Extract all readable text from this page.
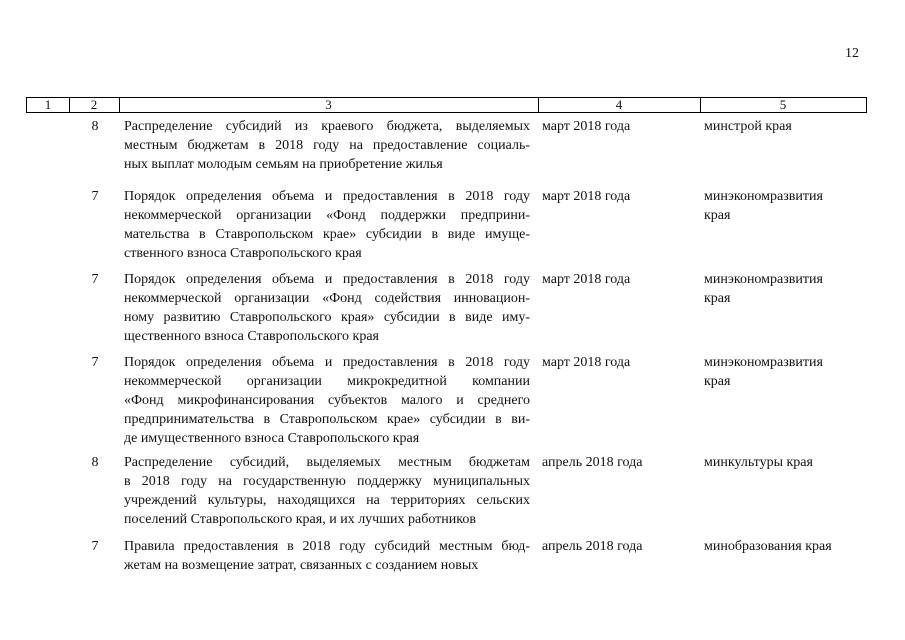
12
1	2	3	4	5
8 Распределение субсидий из краевого бюджета, выделяемых
местным бюджетам в 2018 году на предоставление социаль-
ных выплат молодым семьям на приобретение жилья
март 2018 года	минстрой края
7 Порядок определения объема и предоставления в 2018 году
некоммерческой организации «Фонд поддержки предприни-
мательства в Ставропольском крае» субсидии в виде имуще-
ственного взноса Ставропольского края
март 2018 года	минэкономразвития
края
7 Порядок определения объема и предоставления в 2018 году
некоммерческой организации «Фонд содействия инновацион-
ному развитию Ставропольского края» субсидии в виде иму-
щественного взноса Ставропольского края
март 2018 года	минэкономразвития
края
7 Порядок определения объема и предоставления в 2018 году
некоммерческой организации микрокредитной компании
«Фонд микрофинансирования субъектов малого и среднего
предпринимательства в Ставропольском крае» субсидии в ви-
де имущественного взноса Ставропольского края
март 2018 года	минэкономразвития
края
8 Распределение субсидий, выделяемых местным бюджетам
в 2018 году на государственную поддержку муниципальных
учреждений культуры, находящихся на территориях сельских
поселений Ставропольского края, и их лучших работников
апрель 2018 года	минкультуры края
7 Правила предоставления в 2018 году субсидий местным бюд-
жетам на возмещение затрат, связанных с созданием новых
апрель 2018 года	минобразования края
